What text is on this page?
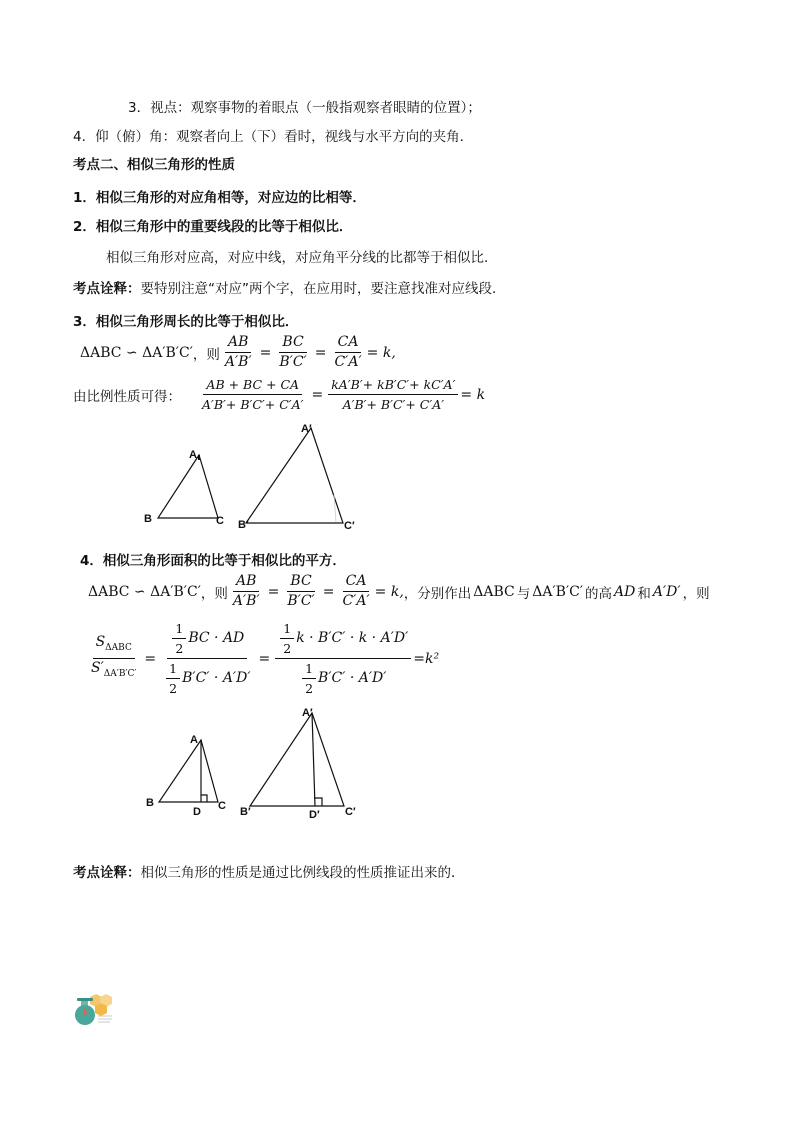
3．视点：观察事物的着眼点（一般指观察者眼睛的位置）；
4．仰（俯）角：观察者向上（下）看时，视线与水平方向的夹角．
考点二、相似三角形的性质
1．相似三角形的对应角相等，对应边的比相等．
2．相似三角形中的重要线段的比等于相似比．
相似三角形对应高，对应中线，对应角平分线的比都等于相似比．
考点诠释：要特别注意“对应”两个字，在应用时，要注意找准对应线段．
3．相似三角形周长的比等于相似比．
ΔABC ∽ ΔA′B′C′ ，则 $\frac{AB}{A'B'} = \frac{BC}{B'C'} = \frac{CA}{C'A'} = k$,
由比例性质可得： $\frac{AB + BC + CA}{A'B'+ B'C'+ C'A'} = \frac{kA'B'+ kB'C'+ kC'A'}{A'B'+ B'C'+ C'A'} = k$
A
B	C
A′
B′	C′
4．相似三角形面积的比等于相似比的平方．
ΔABC ∽ ΔA′B′C′ ，则 $\frac{AB}{A'B'} = \frac{BC}{B'C'} = \frac{CA}{C'A'} = k$, ，分别作出 ΔABC 与 ΔA′B′C′ 的高 AD 和 A′D′ ，则
$\frac{S_{\Delta ABC}}{S'_{\Delta A'B'C'}} = \frac{\frac{1}{2} BC \cdot AD}{\frac{1}{2} B'C' \cdot A'D'} = \frac{\frac{1}{2} k \cdot B'C' \cdot k \cdot A'D'}{\frac{1}{2} B'C' \cdot A'D'} =k^2$
A
B	C
D
A′
B′	C′
D′
考点诠释：相似三角形的性质是通过比例线段的性质推证出来的．
